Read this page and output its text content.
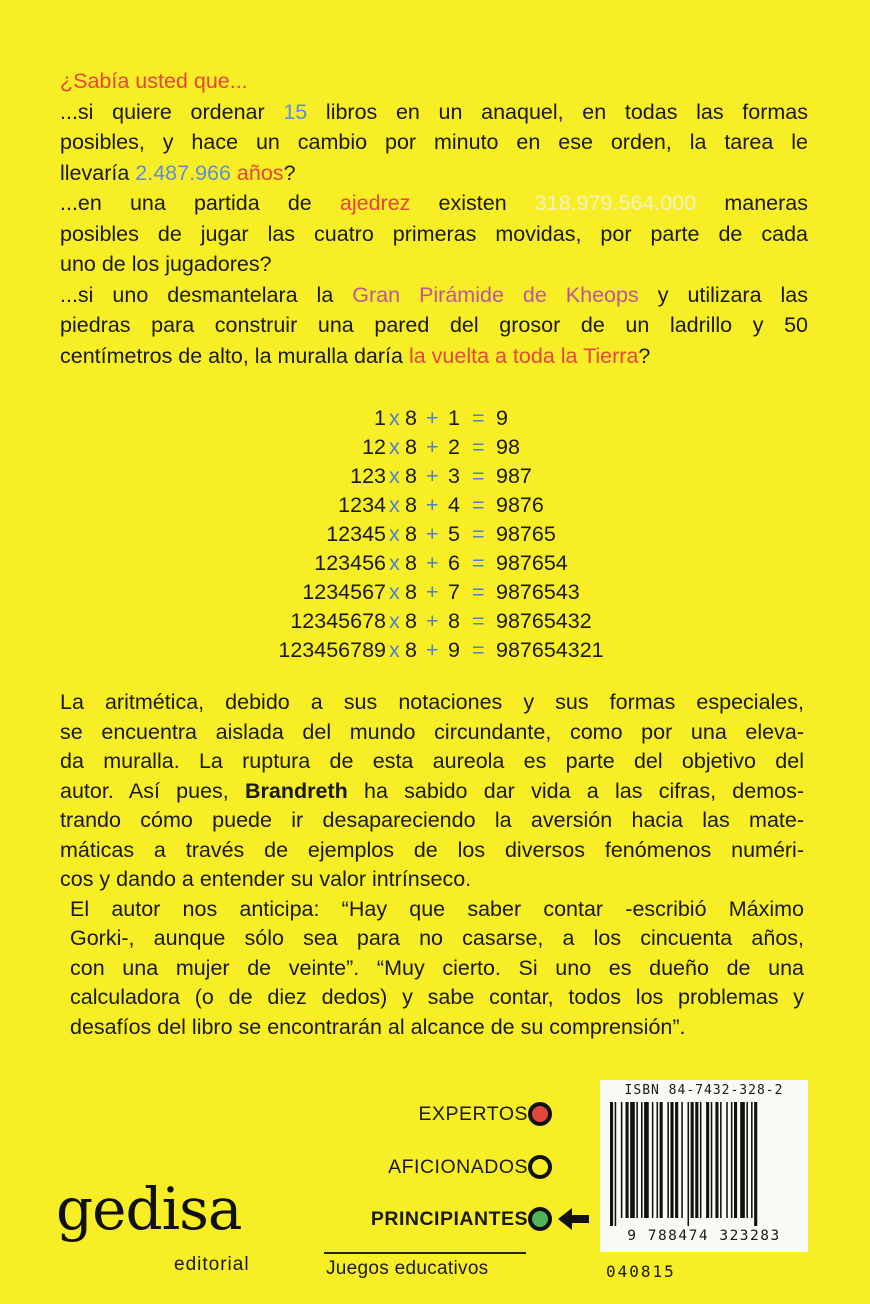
¿Sabía usted que...

...si quiere ordenar 15 libros en un anaquel, en todas las formas

posibles, y hace un cambio por minuto en ese orden, la tarea le

llevaría 2.487.966 años?

...en una partida de ajedrez existen 318.979.564.000 maneras

posibles de jugar las cuatro primeras movidas, por parte de cada

uno de los jugadores?

...si uno desmantelara la Gran Pirámide de Kheops y utilizara las

piedras para construir una pared del grosor de un ladrillo y 50

centímetros de alto, la muralla daría la vuelta a toda la Tierra?

1 x 8 + 1 = 9
12 x 8 + 2 = 98
123 x 8 + 3 = 987
1234 x 8 + 4 = 9876
12345 x 8 + 5 = 98765
123456 x 8 + 6 = 987654
1234567 x 8 + 7 = 9876543
12345678 x 8 + 8 = 98765432
123456789 x 8 + 9 = 987654321

La aritmética, debido a sus notaciones y sus formas especiales,

se encuentra aislada del mundo circundante, como por una eleva-

da muralla. La ruptura de esta aureola es parte del objetivo del

autor. Así pues, Brandreth ha sabido dar vida a las cifras, demos-

trando cómo puede ir desapareciendo la aversión hacia las mate-

máticas a través de ejemplos de los diversos fenómenos numéri-

cos y dando a entender su valor intrínseco.

El autor nos anticipa: “Hay que saber contar -escribió Máximo

Gorki-, aunque sólo sea para no casarse, a los cincuenta años,

con una mujer de veinte”. “Muy cierto. Si uno es dueño de una

calculadora (o de diez dedos) y sabe contar, todos los problemas y

desafíos del libro se encontrarán al alcance de su comprensión”.

EXPERTOS
AFICIONADOS
PRINCIPIANTES
Juegos educativos
gedisa
editorial
ISBN 84-7432-328-2
9 788474 323283
040815
